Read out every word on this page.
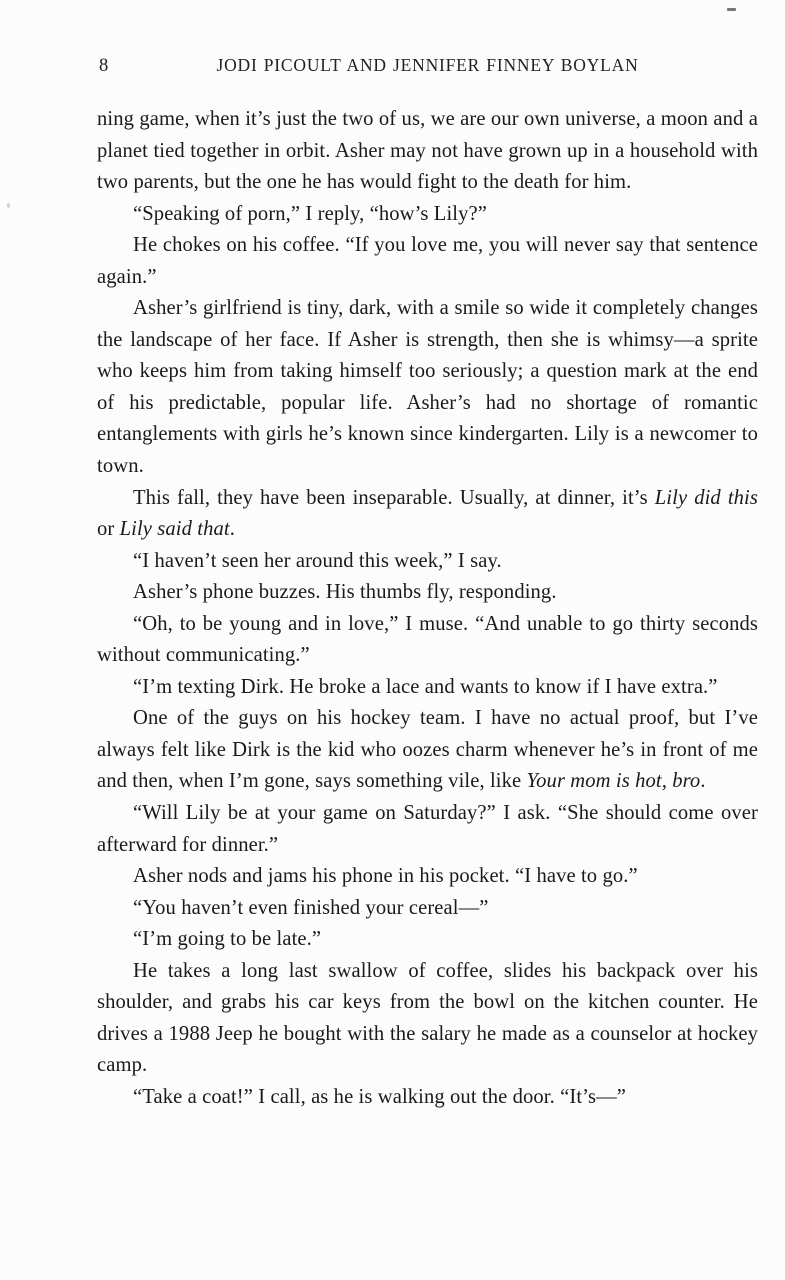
8	JODI PICOULT AND JENNIFER FINNEY BOYLAN

ning game, when it’s just the two of us, we are our own universe, a moon and a planet tied together in orbit. Asher may not have grown up in a household with two parents, but the one he has would fight to the death for him.

“Speaking of porn,” I reply, “how’s Lily?”

He chokes on his coffee. “If you love me, you will never say that sentence again.”

Asher’s girlfriend is tiny, dark, with a smile so wide it completely changes the landscape of her face. If Asher is strength, then she is whimsy—a sprite who keeps him from taking himself too seriously; a question mark at the end of his predictable, popular life. Asher’s had no shortage of romantic entanglements with girls he’s known since kindergarten. Lily is a newcomer to town.

This fall, they have been inseparable. Usually, at dinner, it’s Lily did this or Lily said that.

“I haven’t seen her around this week,” I say.

Asher’s phone buzzes. His thumbs fly, responding.

“Oh, to be young and in love,” I muse. “And unable to go thirty seconds without communicating.”

“I’m texting Dirk. He broke a lace and wants to know if I have extra.”

One of the guys on his hockey team. I have no actual proof, but I’ve always felt like Dirk is the kid who oozes charm whenever he’s in front of me and then, when I’m gone, says something vile, like Your mom is hot, bro.

“Will Lily be at your game on Saturday?” I ask. “She should come over afterward for dinner.”

Asher nods and jams his phone in his pocket. “I have to go.”

“You haven’t even finished your cereal—”

“I’m going to be late.”

He takes a long last swallow of coffee, slides his backpack over his shoulder, and grabs his car keys from the bowl on the kitchen counter. He drives a 1988 Jeep he bought with the salary he made as a counselor at hockey camp.

“Take a coat!” I call, as he is walking out the door. “It’s—”
